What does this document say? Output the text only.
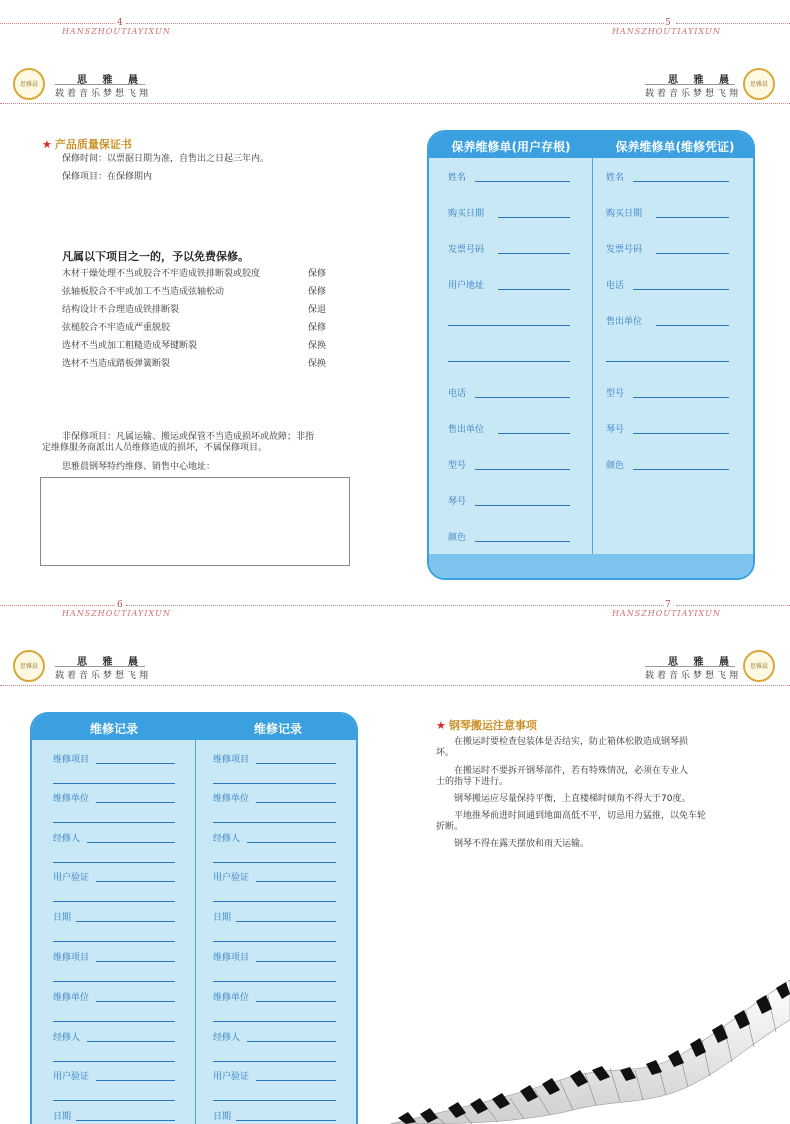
4
HANSZHOUTIAYIXUN
5
HANSZHOUTIAYIXUN
思雅晨	思 雅 晨
载着音乐梦想飞翔
思雅晨
思 雅 晨
载着音乐梦想飞翔
★ 产品质量保证书
保修时间：以票据日期为准，自售出之日起三年内。
保修项目：在保修期内
凡属以下项目之一的，予以免费保修。
木材干燥处理不当或胶合不牢造成铁排断裂或胶度	保修
弦轴板胶合不牢或加工不当造成弦轴松动	保修
结构设计不合理造成铁排断裂	保退
弦槌胶合不牢造成严重脱胶	保修
选材不当或加工粗糙造成琴键断裂	保换
选材不当造成踏板弹簧断裂	保换
非保修项目：凡属运输、搬运或保管不当造成损坏或故障；非指
定维修服务商派出人员维修造成的损坏，不属保修项目。
思雅晨钢琴特约维修、销售中心地址：
保养维修单(用户存根)	保养维修单(维修凭证)
姓名
购买日期
发票号码
用户地址
电话
售出单位
型号
琴号
颜色
姓名
购买日期
发票号码
电话
售出单位
型号
琴号
颜色
6
HANSZHOUTIAYIXUN
7
HANSZHOUTIAYIXUN
思雅晨	思 雅 晨
载着音乐梦想飞翔
思雅晨
思 雅 晨
载着音乐梦想飞翔
维修记录	维修记录
维修项目
维修单位
经修人
用户验证
日期
维修项目
维修单位
经修人
用户验证
日期
维修项目
维修单位
经修人
用户验证
日期
维修项目
维修单位
经修人
用户验证
日期
★ 钢琴搬运注意事项
在搬运时要检查包装体是否结实，防止箱体松散造成钢琴损
坏。
在搬运时不要拆开钢琴部件，若有特殊情况，必须在专业人
士的指导下进行。
钢琴搬运应尽量保持平衡，上直楼梯时倾角不得大于70度。
平地推琴前进时间通到地面高低不平，切忌用力猛推，以免车轮
折断。
钢琴不得在露天摆放和雨天运输。
